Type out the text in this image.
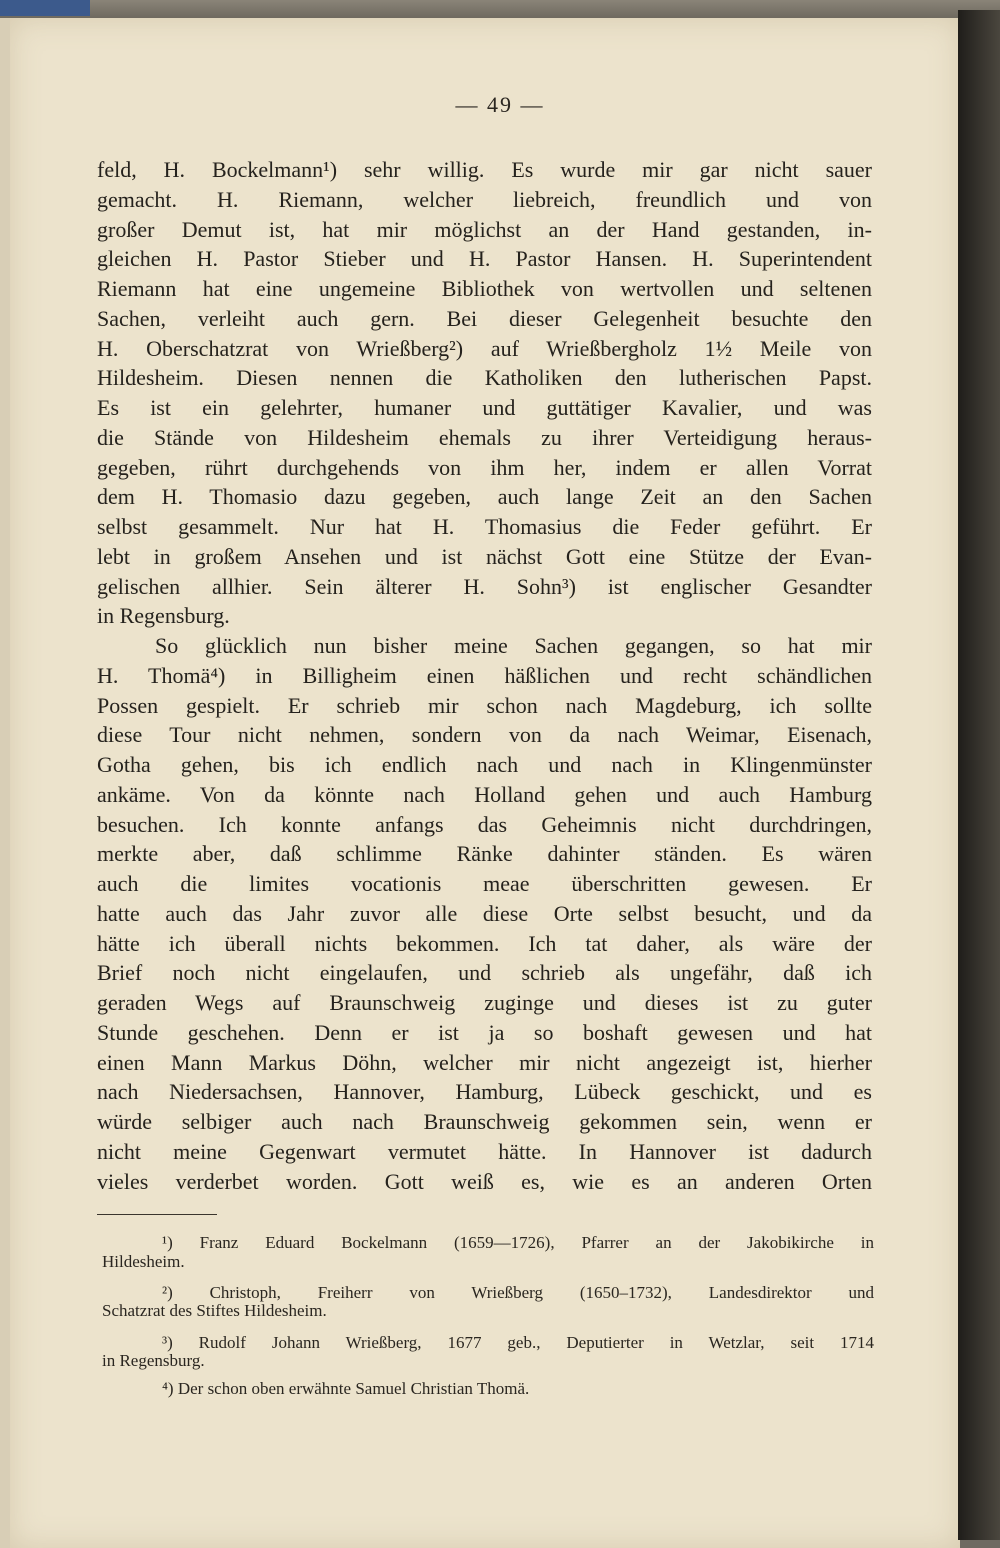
— 49 —
feld, H. Bockelmann¹) sehr willig. Es wurde mir gar nicht sauer
gemacht. H. Riemann, welcher liebreich, freundlich und von
großer Demut ist, hat mir möglichst an der Hand gestanden, in-
gleichen H. Pastor Stieber und H. Pastor Hansen. H. Superintendent
Riemann hat eine ungemeine Bibliothek von wertvollen und seltenen
Sachen, verleiht auch gern. Bei dieser Gelegenheit besuchte den
H. Oberschatzrat von Wrießberg²) auf Wrießbergholz 1½ Meile von
Hildesheim. Diesen nennen die Katholiken den lutherischen Papst.
Es ist ein gelehrter, humaner und guttätiger Kavalier, und was
die Stände von Hildesheim ehemals zu ihrer Verteidigung heraus-
gegeben, rührt durchgehends von ihm her, indem er allen Vorrat
dem H. Thomasio dazu gegeben, auch lange Zeit an den Sachen
selbst gesammelt. Nur hat H. Thomasius die Feder geführt. Er
lebt in großem Ansehen und ist nächst Gott eine Stütze der Evan-
gelischen allhier. Sein älterer H. Sohn³) ist englischer Gesandter
in Regensburg.
So glücklich nun bisher meine Sachen gegangen, so hat mir
H. Thomä⁴) in Billigheim einen häßlichen und recht schändlichen
Possen gespielt. Er schrieb mir schon nach Magdeburg, ich sollte
diese Tour nicht nehmen, sondern von da nach Weimar, Eisenach,
Gotha gehen, bis ich endlich nach und nach in Klingenmünster
ankäme. Von da könnte nach Holland gehen und auch Hamburg
besuchen. Ich konnte anfangs das Geheimnis nicht durchdringen,
merkte aber, daß schlimme Ränke dahinter ständen. Es wären
auch die limites vocationis meae überschritten gewesen. Er
hatte auch das Jahr zuvor alle diese Orte selbst besucht, und da
hätte ich überall nichts bekommen. Ich tat daher, als wäre der
Brief noch nicht eingelaufen, und schrieb als ungefähr, daß ich
geraden Wegs auf Braunschweig zuginge und dieses ist zu guter
Stunde geschehen. Denn er ist ja so boshaft gewesen und hat
einen Mann Markus Döhn, welcher mir nicht angezeigt ist, hierher
nach Niedersachsen, Hannover, Hamburg, Lübeck geschickt, und es
würde selbiger auch nach Braunschweig gekommen sein, wenn er
nicht meine Gegenwart vermutet hätte. In Hannover ist dadurch
vieles verderbet worden. Gott weiß es, wie es an anderen Orten
¹) Franz Eduard Bockelmann (1659—1726), Pfarrer an der Jakobikirche in
Hildesheim.
²) Christoph, Freiherr von Wrießberg (1650–1732), Landesdirektor und
Schatzrat des Stiftes Hildesheim.
³) Rudolf Johann Wrießberg, 1677 geb., Deputierter in Wetzlar, seit 1714
in Regensburg.
⁴) Der schon oben erwähnte Samuel Christian Thomä.
